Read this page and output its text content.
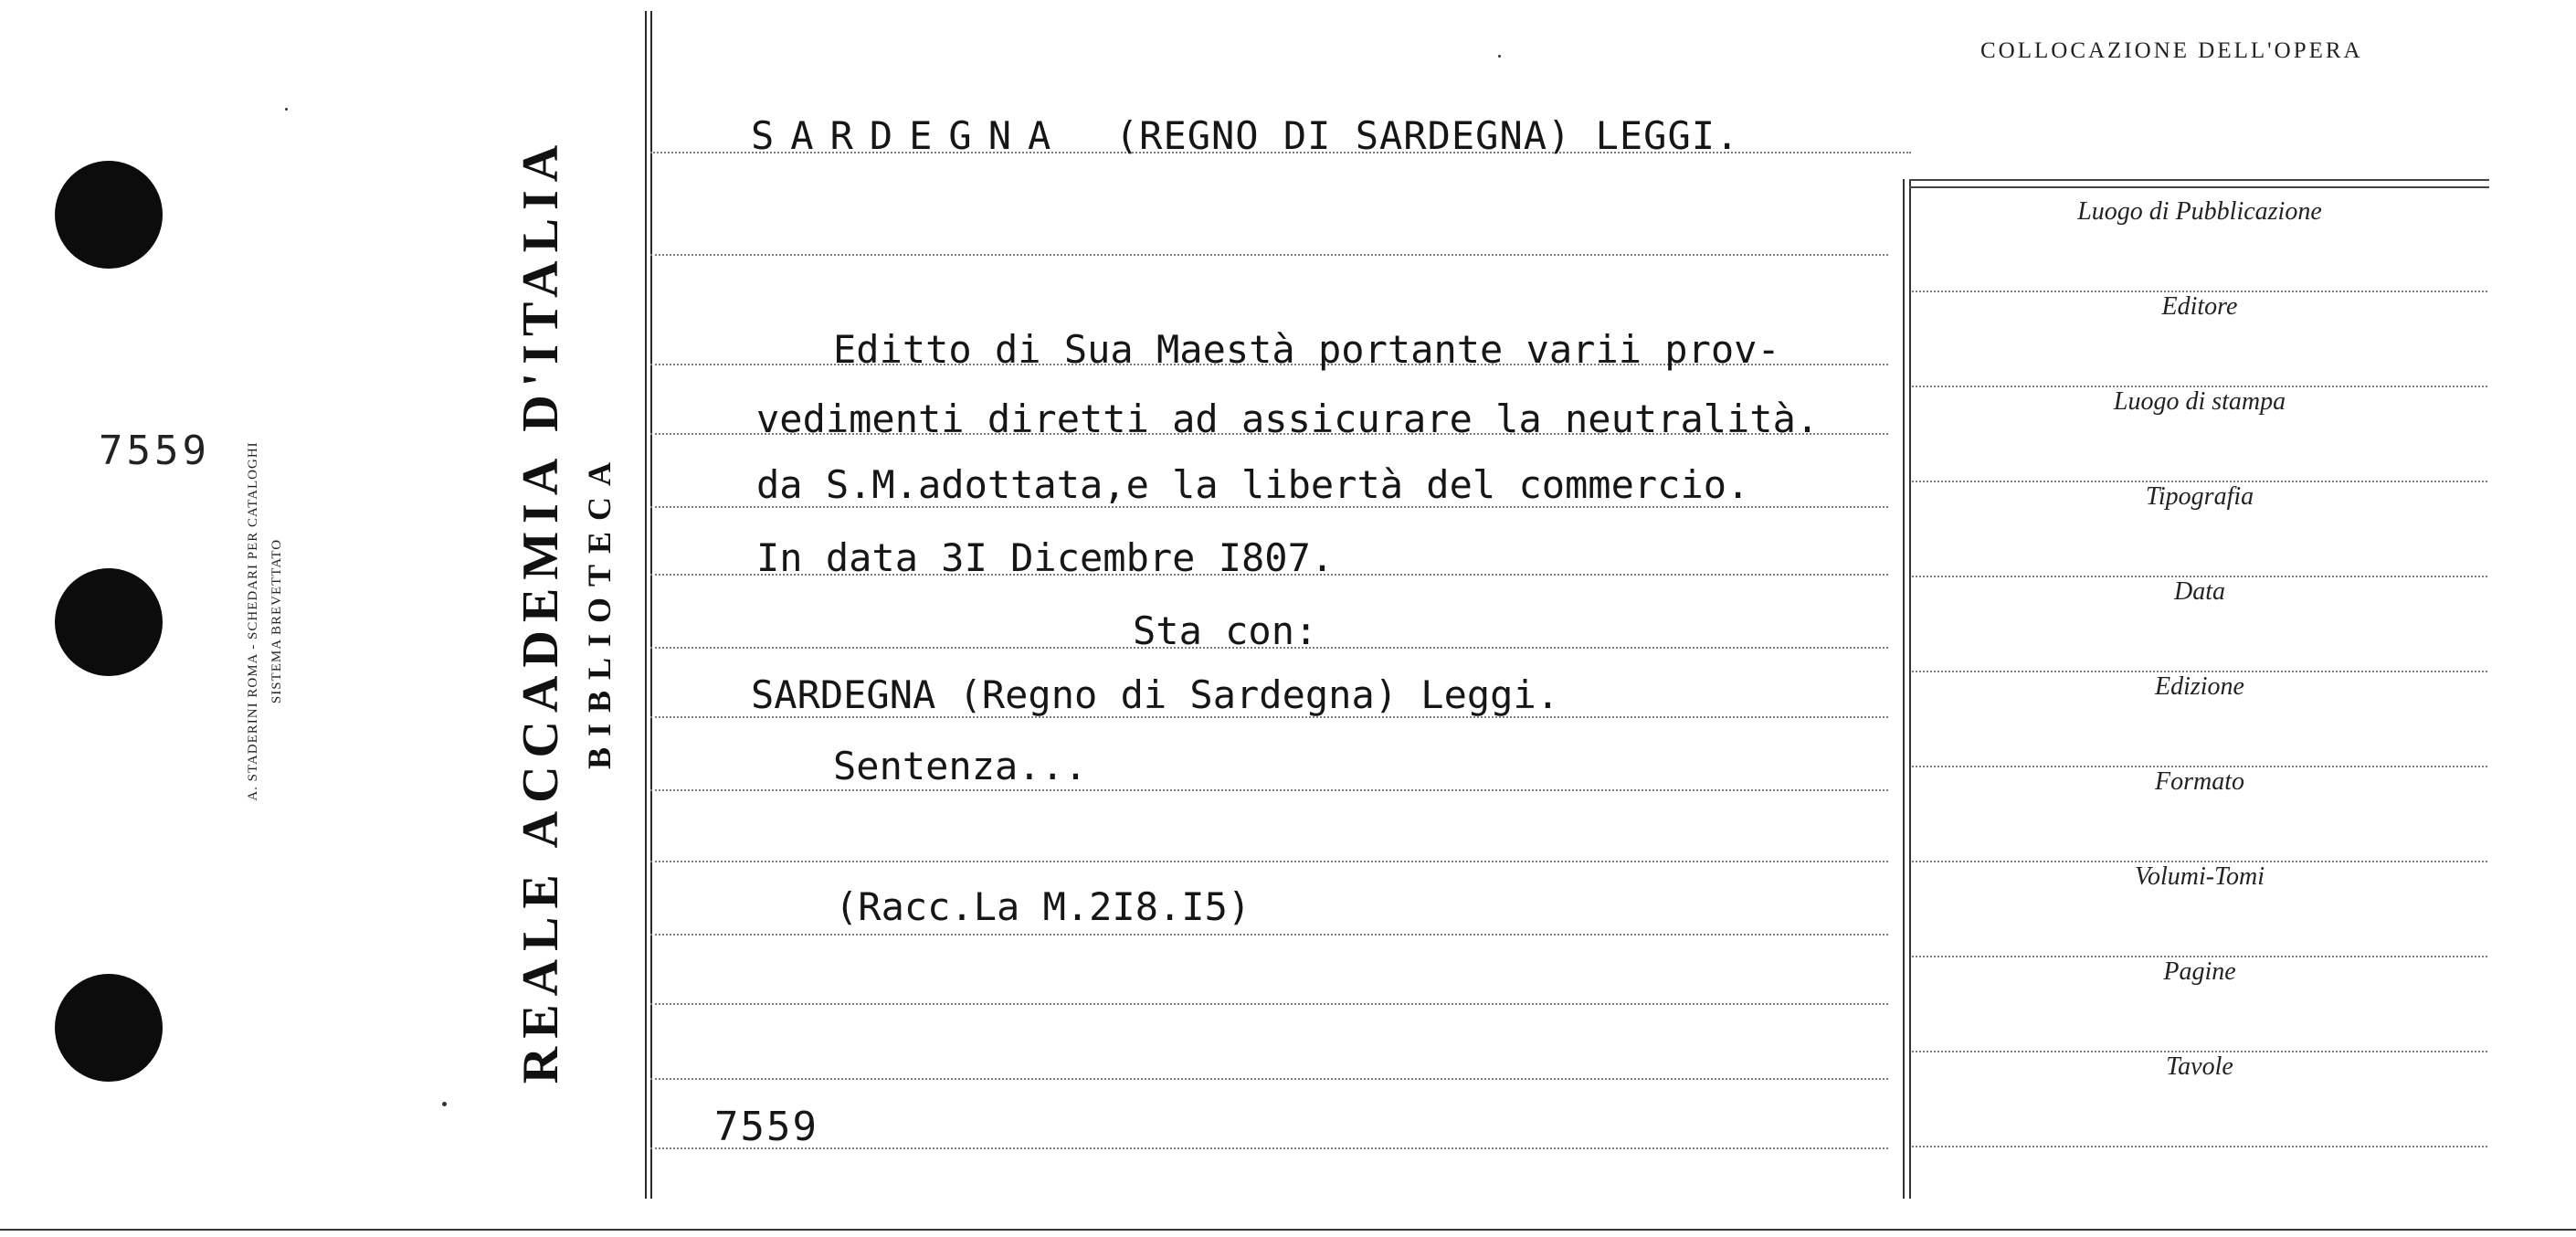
7559	A. STADERINI ROMA - SCHEDARI PER CATALOGHI SISTEMA BREVETTATO	REALE ACCADEMIA D'ITALIA BIBLIOTECA
COLLOCAZIONE DELL'OPERA
Luogo di Pubblicazione
Editore
Luogo di stampa
Tipografia
Data
Edizione
Formato
Volumi-Tomi
Pagine
Tavole
SARDEGNA (REGNO DI SARDEGNA) LEGGI.
Editto di Sua Maestà portante varii prov-
vedimenti diretti ad assicurare la neutralità.
da S.M.adottata,e la libertà del commercio.
In data 3I Dicembre I807.
Sta con:
SARDEGNA (Regno di Sardegna) Leggi.
Sentenza...
(Racc.La M.2I8.I5)
7559
